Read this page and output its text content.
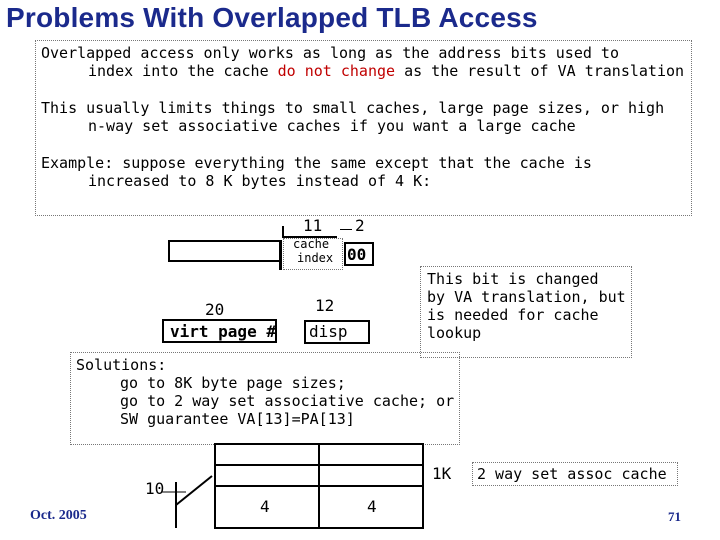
Problems With Overlapped TLB Access
Overlapped access only works as long as the address bits used to
index into the cache do not change as the result of VA translation
This usually limits things to small caches, large page sizes, or high
n-way set associative caches if you want a large cache
Example: suppose everything the same except that the cache is
increased to 8 K bytes instead of 4 K:
11 2
cache
index 00
20
virt page #
12
disp
This bit is changed
by VA translation, but
is needed for cache
lookup
Solutions:
go to 8K byte page sizes;
go to 2 way set associative cache; or
SW guarantee VA[13]=PA[13]
10
4	4
1K 2 way set assoc cache
Oct. 2005	71
